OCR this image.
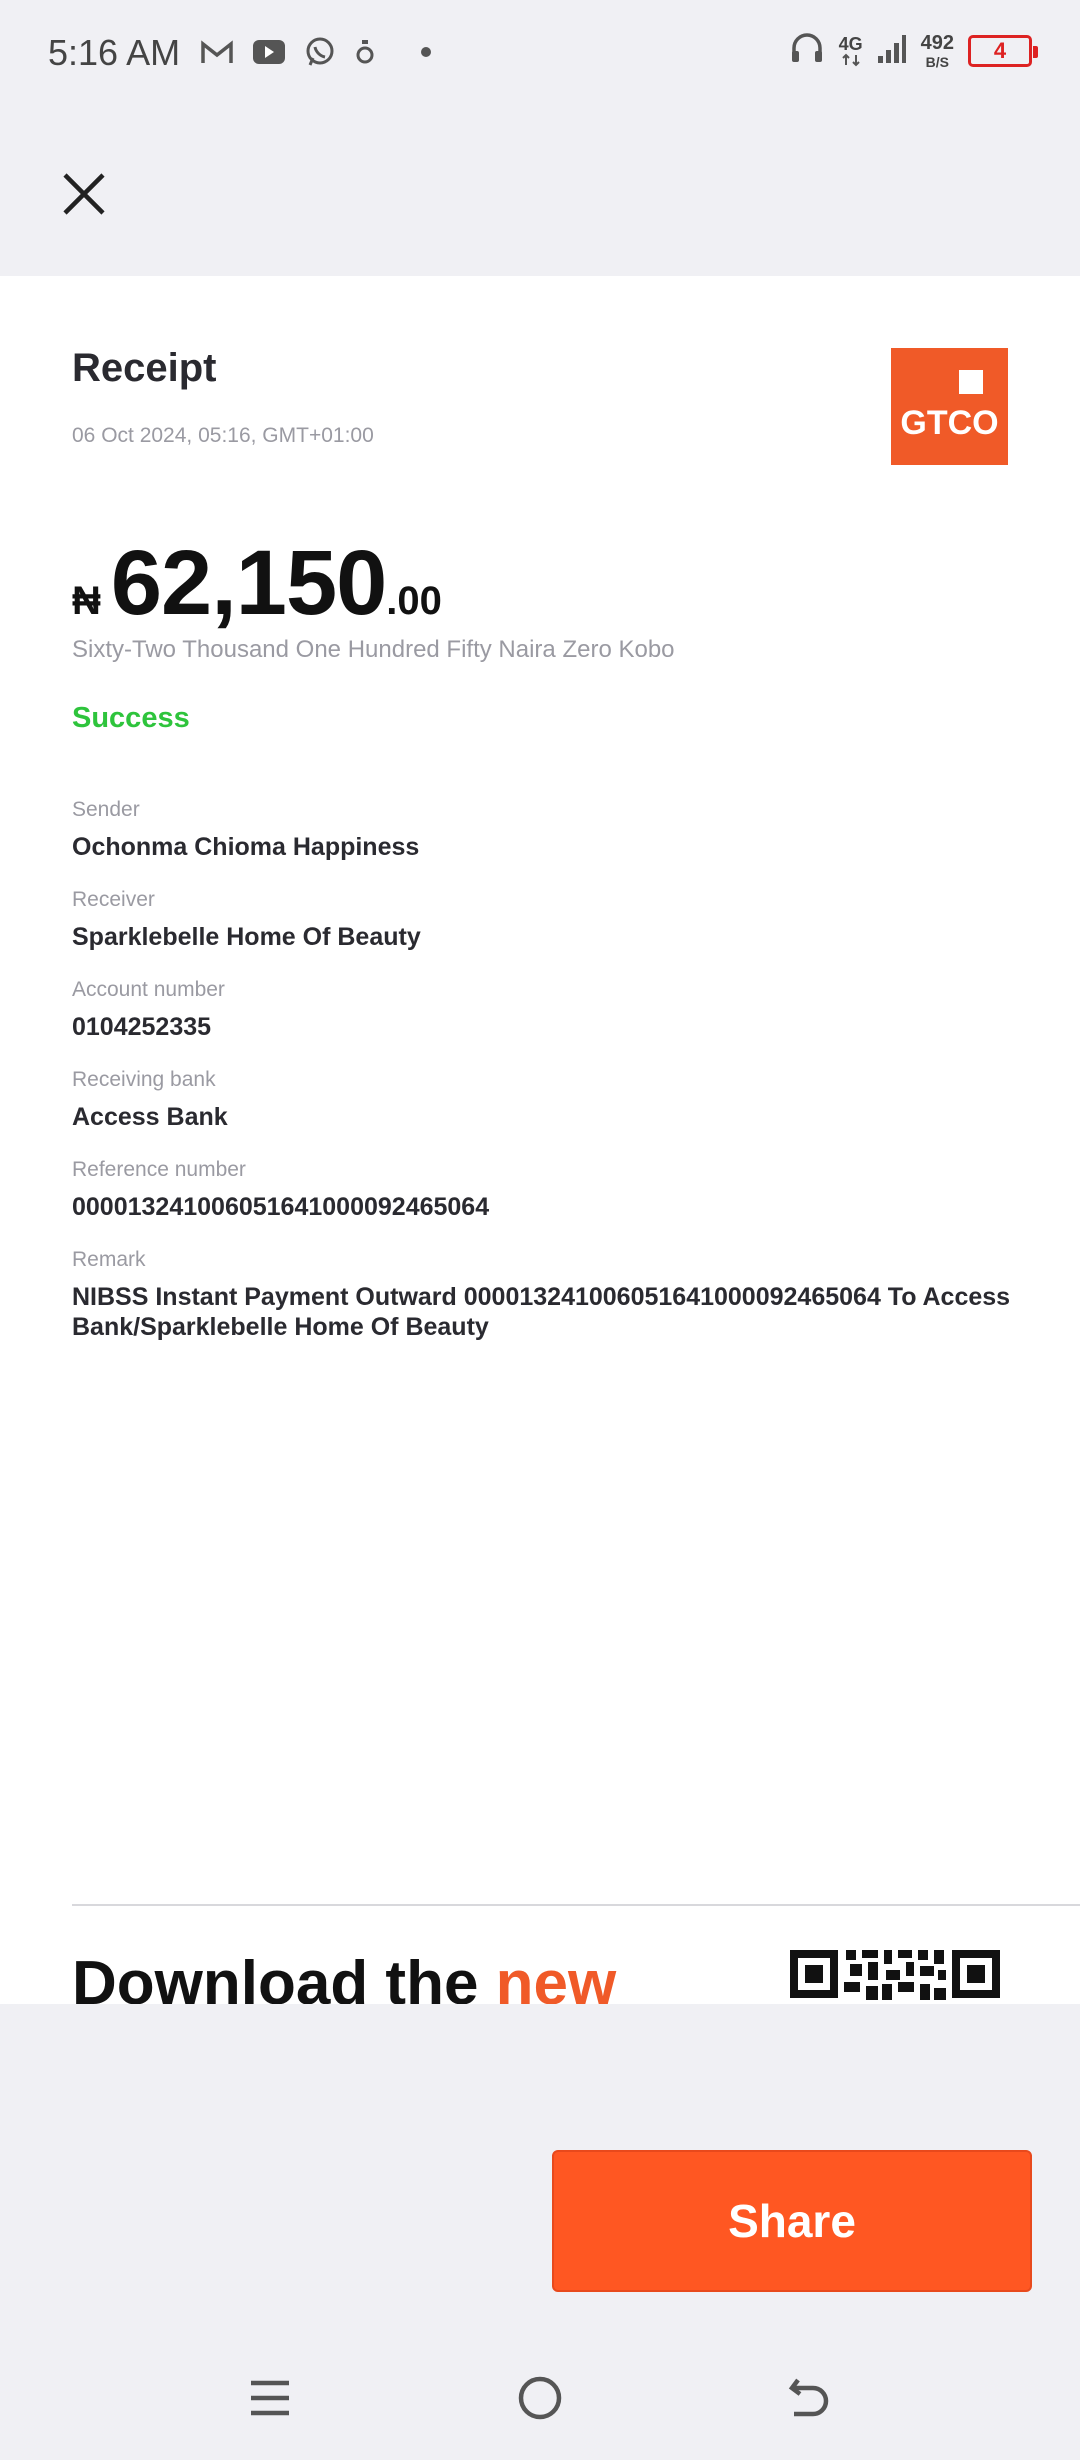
5:16 AM	4G	492
B/S 4
Receipt
06 Oct 2024, 05:16, GMT+01:00	GTCO
₦ 62,150 .00
Sixty-Two Thousand One Hundred Fifty Naira Zero Kobo
Success
Sender
Ochonma Chioma Happiness
Receiver
Sparklebelle Home Of Beauty
Account number
0104252335
Receiving bank
Access Bank
Reference number
000013241006051641000092465064
Remark
NIBSS Instant Payment Outward 000013241006051641000092465064 To Access Bank/Sparklebelle Home Of Beauty
Download the new
Share
